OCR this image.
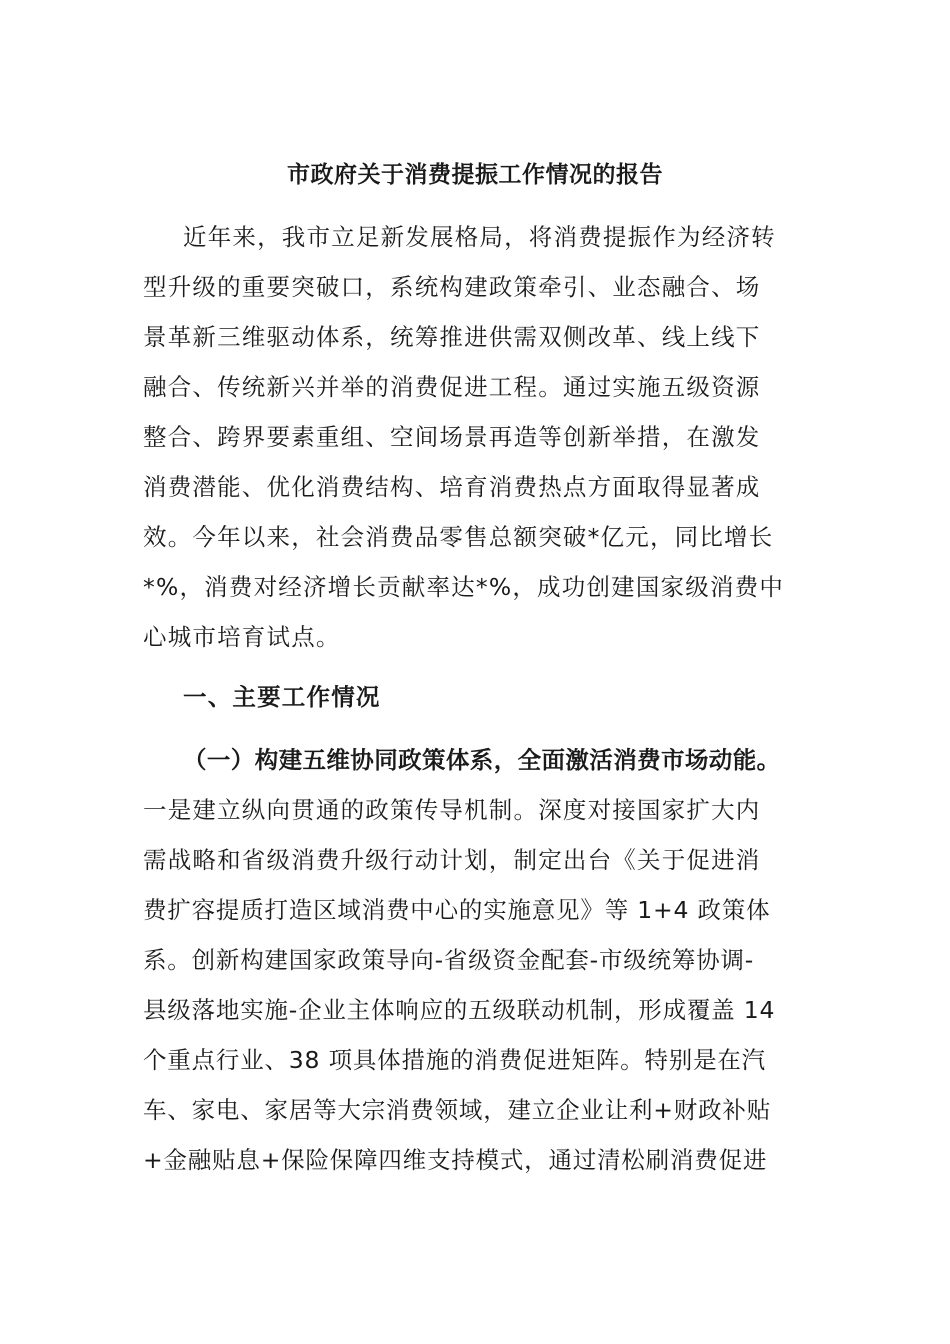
市政府关于消费提振工作情况的报告
近年来，我市立足新发展格局，将消费提振作为经济转
型升级的重要突破口，系统构建政策牵引、业态融合、场
景革新三维驱动体系，统筹推进供需双侧改革、线上线下
融合、传统新兴并举的消费促进工程。通过实施五级资源
整合、跨界要素重组、空间场景再造等创新举措，在激发
消费潜能、优化消费结构、培育消费热点方面取得显著成
效。今年以来，社会消费品零售总额突破*亿元，同比增长
*%，消费对经济增长贡献率达*%，成功创建国家级消费中
心城市培育试点。
一、主要工作情况
（一）构建五维协同政策体系，全面激活消费市场动能。
一是建立纵向贯通的政策传导机制。深度对接国家扩大内
需战略和省级消费升级行动计划，制定出台《关于促进消
费扩容提质打造区域消费中心的实施意见》等 1+4 政策体
系。创新构建国家政策导向-省级资金配套-市级统筹协调-
县级落地实施-企业主体响应的五级联动机制，形成覆盖 14
个重点行业、38 项具体措施的消费促进矩阵。特别是在汽
车、家电、家居等大宗消费领域，建立企业让利+财政补贴
+金融贴息+保险保障四维支持模式，通过清松刷消费促进
